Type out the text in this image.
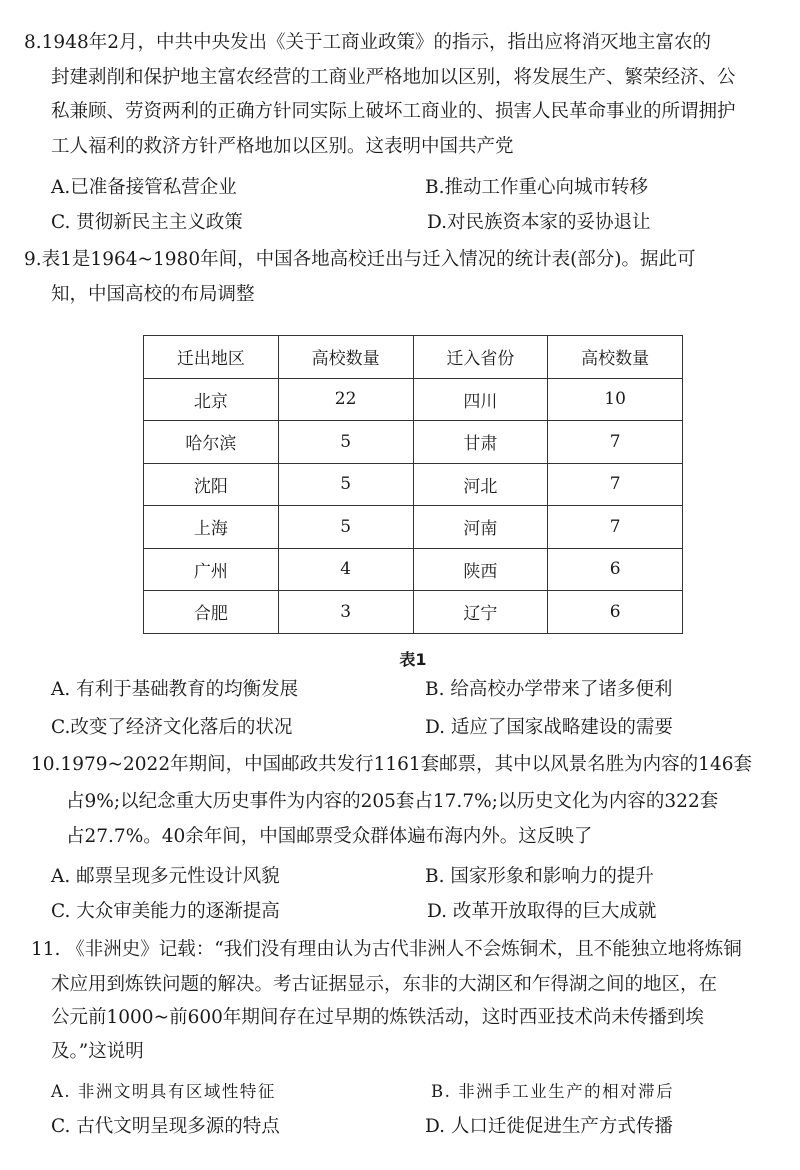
8.1948年2月，中共中央发出《关于工商业政策》的指示，指出应将消灭地主富农的
封建剥削和保护地主富农经营的工商业严格地加以区别，将发展生产、繁荣经济、公
私兼顾、劳资两利的正确方针同实际上破坏工商业的、损害人民革命事业的所谓拥护
工人福利的救济方针严格地加以区别。这表明中国共产党
A.已准备接管私营企业	B.推动工作重心向城市转移
C. 贯彻新民主主义政策	D.对民族资本家的妥协退让
9.表1是1964~1980年间，中国各地高校迁出与迁入情况的统计表(部分)。据此可
知，中国高校的布局调整
迁出地区	高校数量	迁入省份	高校数量
北京	22	四川	10
哈尔滨	5	甘肃	7
沈阳	5	河北	7
上海	5	河南	7
广州	4	陕西	6
合肥	3	辽宁	6
表1
A. 有利于基础教育的均衡发展	B. 给高校办学带来了诸多便利
C.改变了经济文化落后的状况	D. 适应了国家战略建设的需要
10.1979~2022年期间，中国邮政共发行1161套邮票，其中以风景名胜为内容的146套
占9%;以纪念重大历史事件为内容的205套占17.7%;以历史文化为内容的322套
占27.7%。40余年间，中国邮票受众群体遍布海内外。这反映了
A. 邮票呈现多元性设计风貌	B. 国家形象和影响力的提升
C. 大众审美能力的逐渐提高	D. 改革开放取得的巨大成就
11. 《非洲史》记载：“我们没有理由认为古代非洲人不会炼铜术，且不能独立地将炼铜
术应用到炼铁问题的解决。考古证据显示，东非的大湖区和乍得湖之间的地区，在
公元前1000~前600年期间存在过早期的炼铁活动，这时西亚技术尚未传播到埃
及。”这说明
A. 非洲文明具有区域性特征	B. 非洲手工业生产的相对滞后
C. 古代文明呈现多源的特点	D. 人口迁徙促进生产方式传播
